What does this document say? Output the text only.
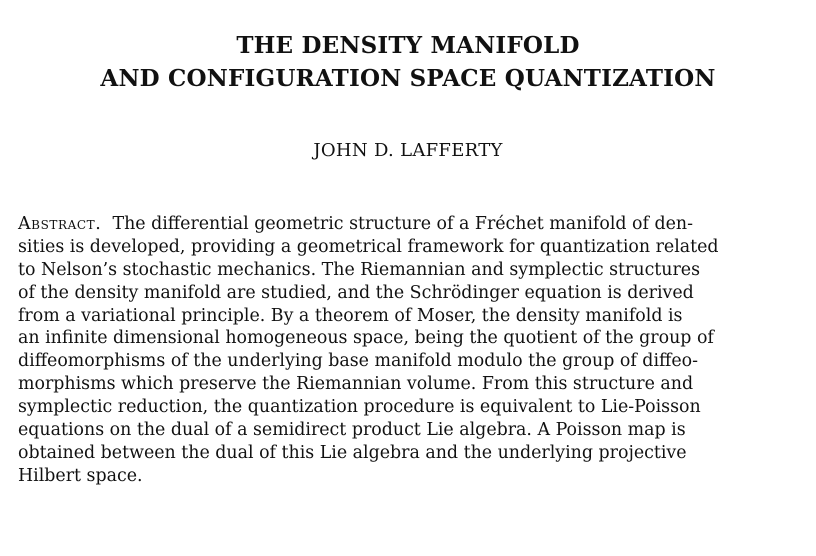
THE DENSITY MANIFOLD
AND CONFIGURATION SPACE QUANTIZATION
JOHN D. LAFFERTY
Abstract. The differential geometric structure of a Fréchet manifold of den-
sities is developed, providing a geometrical framework for quantization related
to Nelson’s stochastic mechanics. The Riemannian and symplectic structures
of the density manifold are studied, and the Schrödinger equation is derived
from a variational principle. By a theorem of Moser, the density manifold is
an infinite dimensional homogeneous space, being the quotient of the group of
diffeomorphisms of the underlying base manifold modulo the group of diffeo-
morphisms which preserve the Riemannian volume. From this structure and
symplectic reduction, the quantization procedure is equivalent to Lie-Poisson
equations on the dual of a semidirect product Lie algebra. A Poisson map is
obtained between the dual of this Lie algebra and the underlying projective
Hilbert space.
